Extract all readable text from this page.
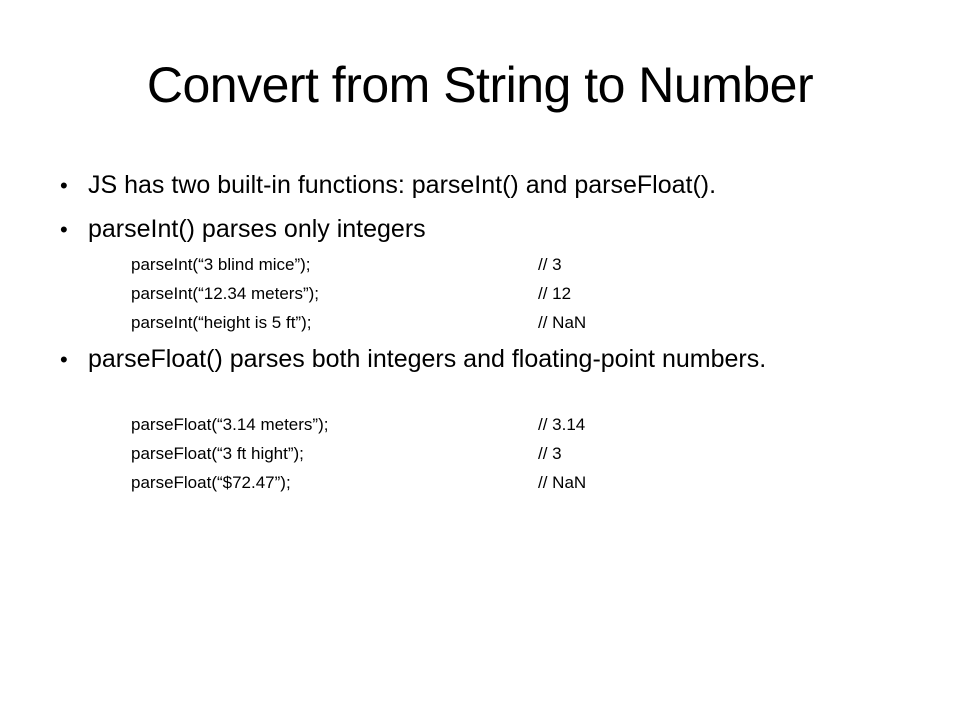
Convert from String to Number
• JS has two built-in functions: parseInt() and parseFloat().
• parseInt() parses only integers
parseInt(“3 blind mice”);	// 3
parseInt(“12.34 meters”);	// 12
parseInt(“height is 5 ft”);	// NaN
• parseFloat() parses both integers and floating-point numbers.
parseFloat(“3.14 meters”);	// 3.14
parseFloat(“3 ft hight”);	// 3
parseFloat(“$72.47”);	// NaN
